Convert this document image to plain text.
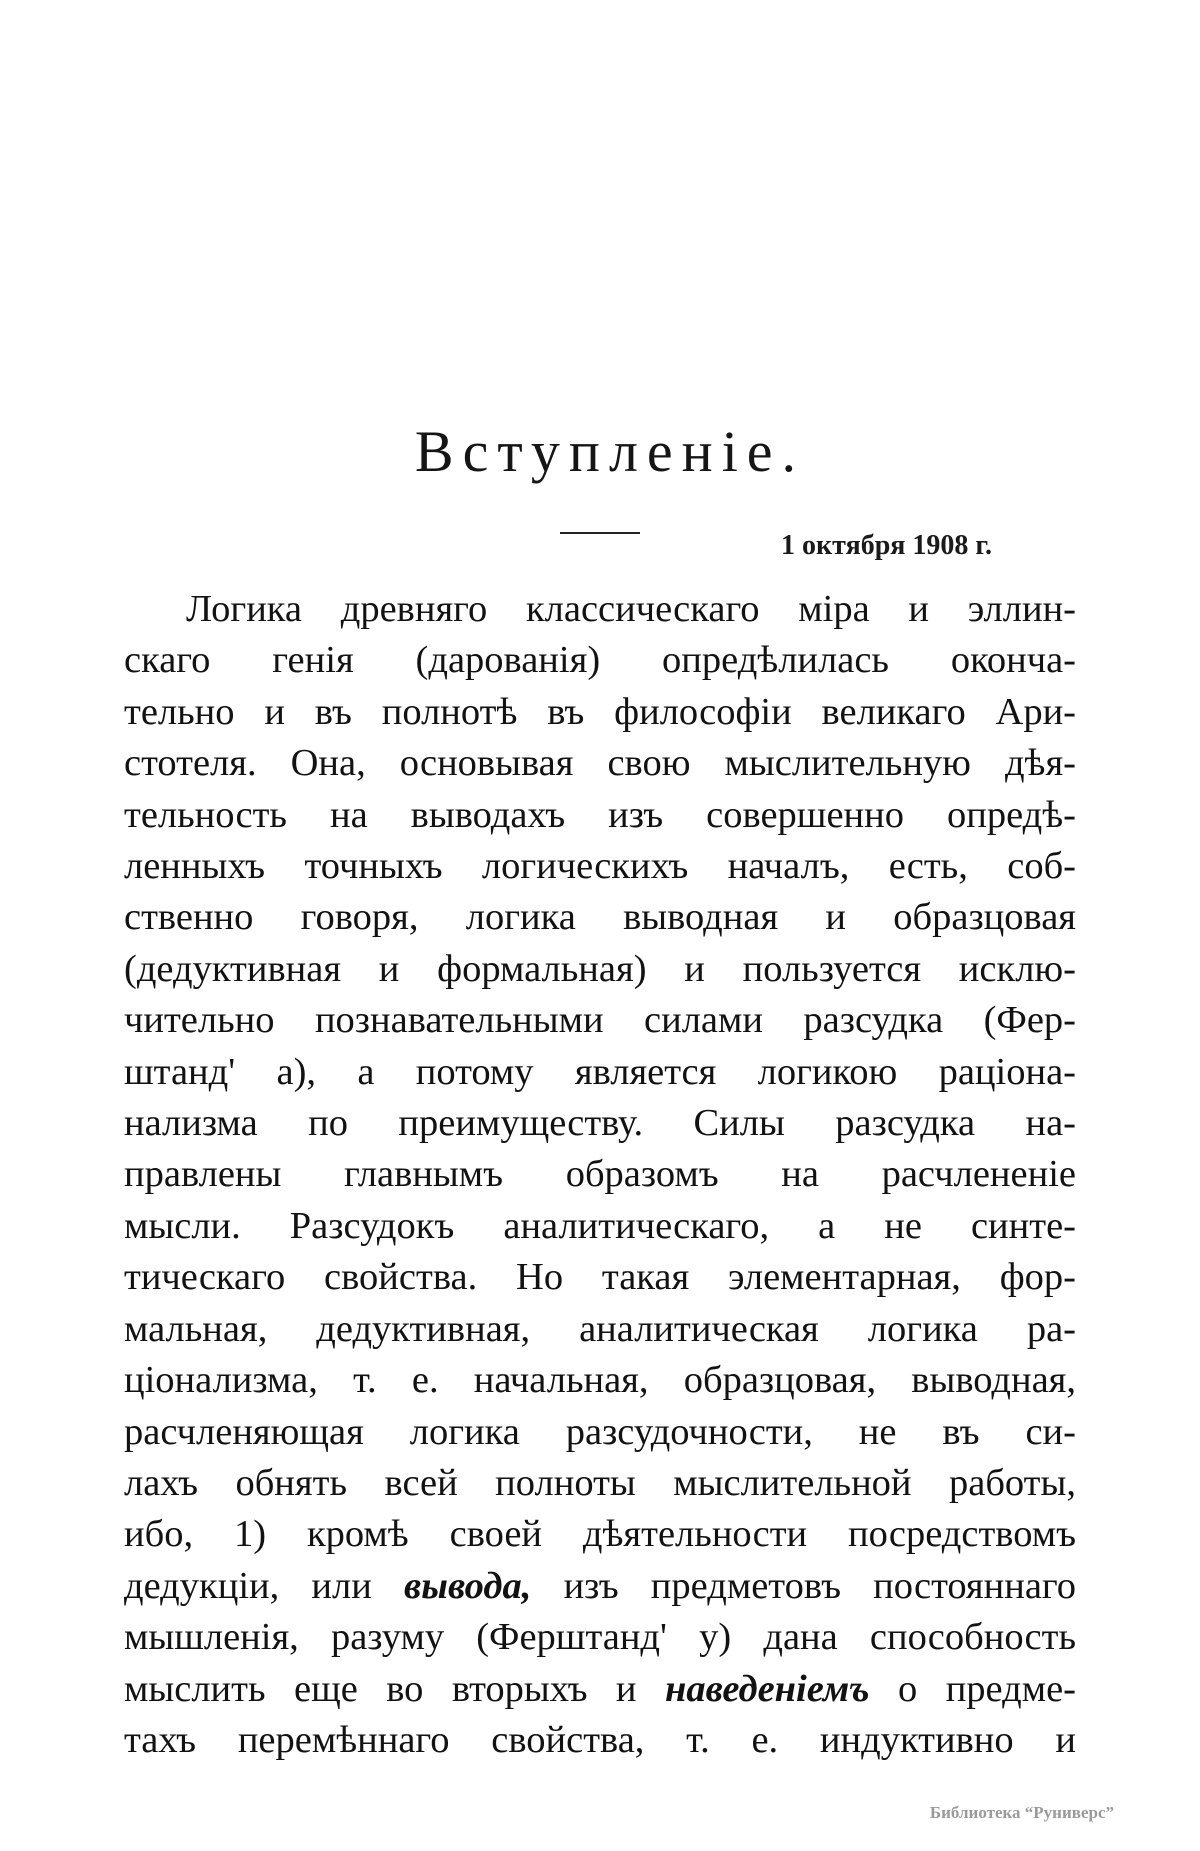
Вступленіе.
1 октября 1908 г.
Логика древняго классическаго міра и эллин-
скаго генія (дарованія) опредѣлилась оконча-
тельно и въ полнотѣ въ философіи великаго Ари-
стотеля. Она, основывая свою мыслительную дѣя-
тельность на выводахъ изъ совершенно опредѣ-
ленныхъ точныхъ логическихъ началъ, есть, соб-
ственно говоря, логика выводная и образцовая
(дедуктивная и формальная) и пользуется исклю-
чительно познавательными силами разсудка (Фер-
штанд' а), а потому является логикою раціона-
нализма по преимуществу. Силы разсудка на-
правлены главнымъ образомъ на расчлененіе
мысли. Разсудокъ аналитическаго, а не синте-
тическаго свойства. Но такая элементарная, фор-
мальная, дедуктивная, аналитическая логика ра-
ціонализма, т. е. начальная, образцовая, выводная,
расчленяющая логика разсудочности, не въ си-
лахъ обнять всей полноты мыслительной работы,
ибо, 1) кромѣ своей дѣятельности посредствомъ
дедукціи, или вывода, изъ предметовъ постояннаго
мышленія, разуму (Ферштанд' у) дана способность
мыслить еще во вторыхъ и наведеніемъ о предме-
тахъ перемѣннаго свойства, т. е. индуктивно и
Библиотека “Руниверс”
